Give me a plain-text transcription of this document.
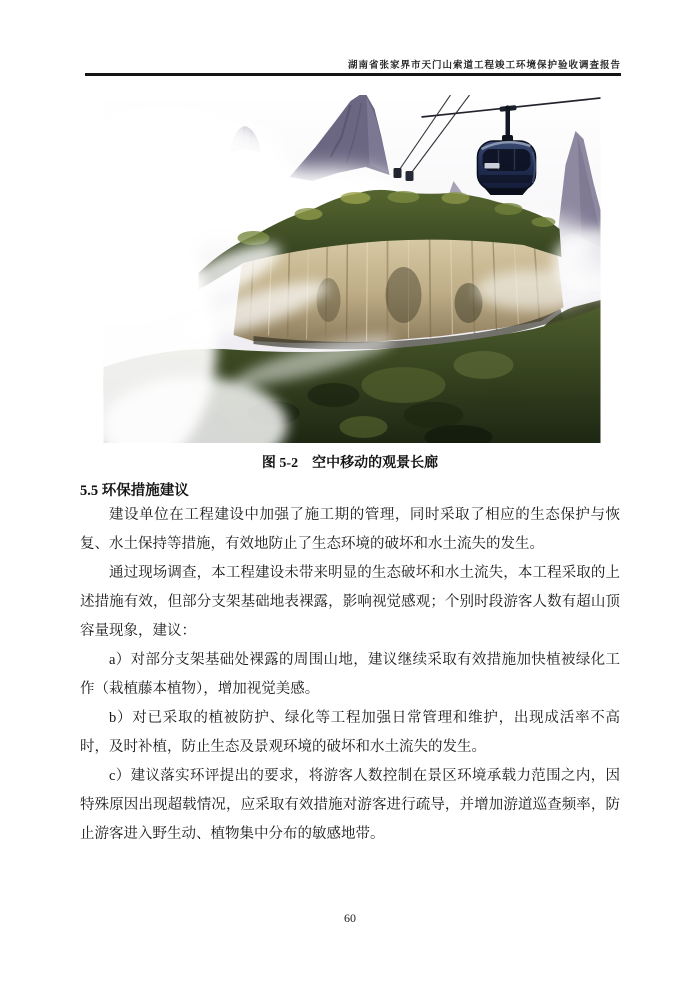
湖南省张家界市天门山索道工程竣工环境保护验收调查报告

图 5-2　空中移动的观景长廊

5.5 环保措施建议

建设单位在工程建设中加强了施工期的管理，同时采取了相应的生态保护与恢复、水土保持等措施，有效地防止了生态环境的破坏和水土流失的发生。

通过现场调查，本工程建设未带来明显的生态破坏和水土流失，本工程采取的上述措施有效，但部分支架基础地表裸露，影响视觉感观；个别时段游客人数有超山顶容量现象，建议：

a）对部分支架基础处裸露的周围山地，建议继续采取有效措施加快植被绿化工作（栽植藤本植物），增加视觉美感。

b）对已采取的植被防护、绿化等工程加强日常管理和维护，出现成活率不高时，及时补植，防止生态及景观环境的破坏和水土流失的发生。

c）建议落实环评提出的要求，将游客人数控制在景区环境承载力范围之内，因特殊原因出现超载情况，应采取有效措施对游客进行疏导，并增加游道巡查频率，防止游客进入野生动、植物集中分布的敏感地带。

60
